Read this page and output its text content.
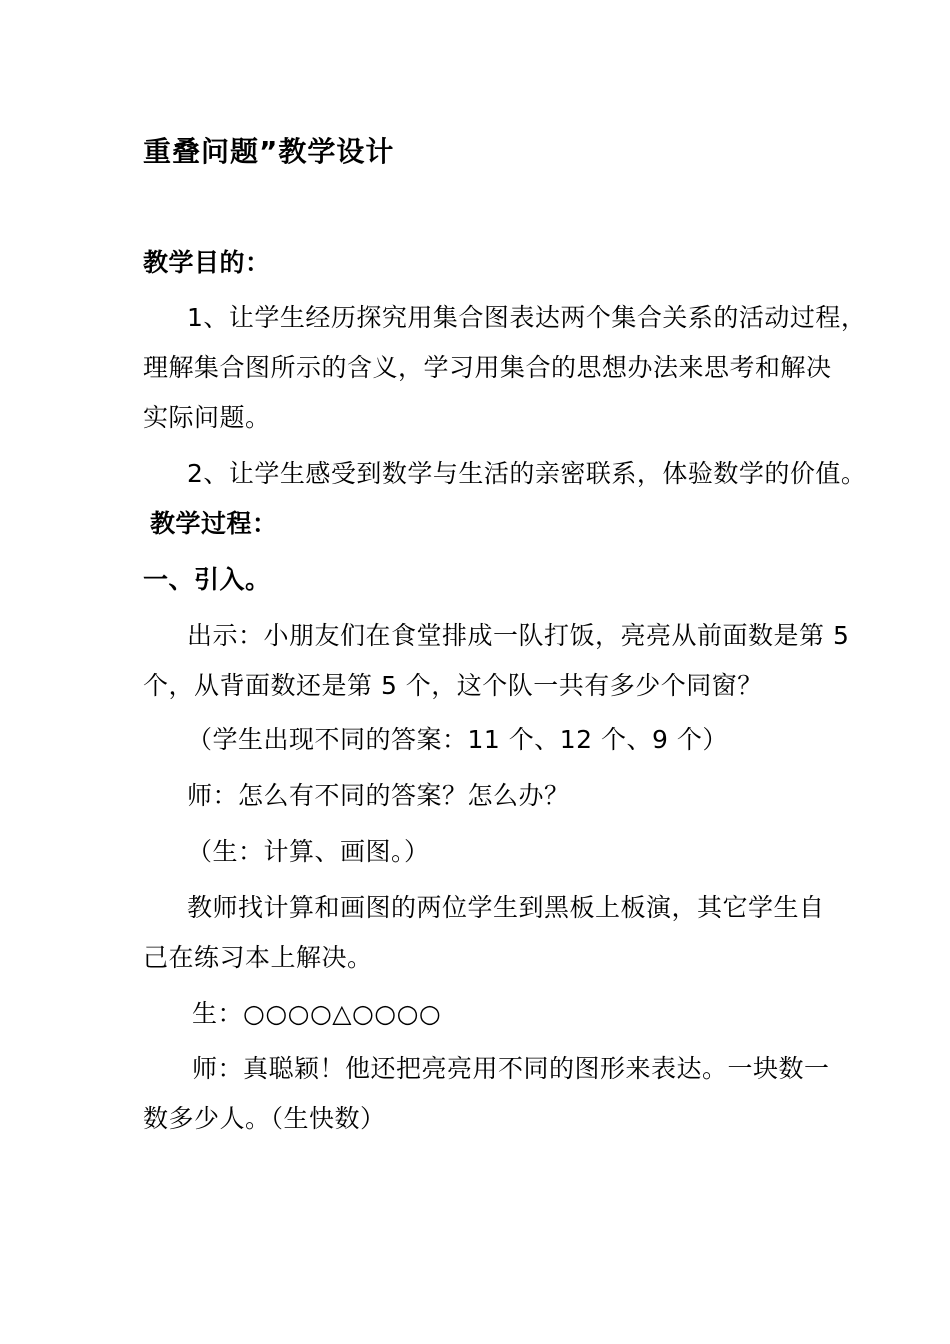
重叠问题”教学设计
教学目的：
1、让学生经历探究用集合图表达两个集合关系的活动过程，
理解集合图所示的含义，学习用集合的思想办法来思考和解决
实际问题。
2、让学生感受到数学与生活的亲密联系，体验数学的价值。
教学过程：
一、引入。
出示：小朋友们在食堂排成一队打饭，亮亮从前面数是第 5
个，从背面数还是第 5 个，这个队一共有多少个同窗？
（学生出现不同的答案：11 个、12 个、9 个）
师：怎么有不同的答案？怎么办？
（生：计算、画图。）
教师找计算和画图的两位学生到黑板上板演，其它学生自
己在练习本上解决。
生：○○○○△○○○○
师：真聪颖！他还把亮亮用不同的图形来表达。一块数一
数多少人。（生快数）
